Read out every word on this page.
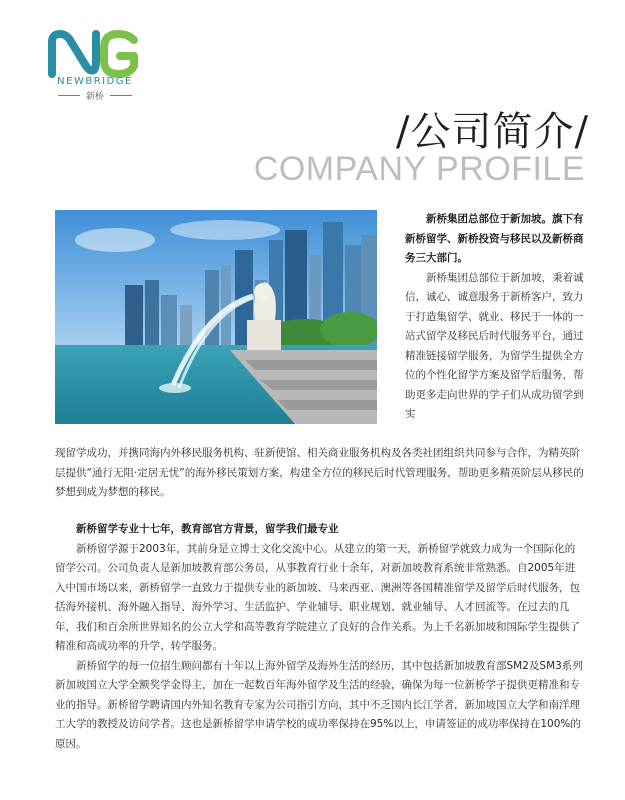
NEWBRIDGE
新桥
/公司简介/
COMPANY PROFILE

新桥集团总部位于新加坡。旗下有新桥留学、新桥投资与移民以及新桥商务三大部门。

新桥集团总部位于新加坡，秉着诚信，诚心，诚意服务于新桥客户，致力于打造集留学、就业、移民于一体的一站式留学及移民后时代服务平台，通过精准链接留学服务，为留学生提供全方位的个性化留学方案及留学后服务，帮助更多走向世界的学子们从成功留学到实

现留学成功，并携同海内外移民服务机构、驻新使馆、相关商业服务机构及各类社团组织共同参与合作，为精英阶层提供“通行无阻·定居无忧”的海外移民策划方案，构建全方位的移民后时代管理服务，帮助更多精英阶层从移民的梦想到成为梦想的移民。

新桥留学专业十七年，教育部官方背景，留学我们最专业

新桥留学源于2003年，其前身是立博士文化交流中心。从建立的第一天，新桥留学就致力成为一个国际化的留学公司。公司负责人是新加坡教育部公务员，从事教育行业十余年，对新加坡教育系统非常熟悉。自2005年进入中国市场以来，新桥留学一直致力于提供专业的新加坡、马来西亚、澳洲等各国精准留学及留学后时代服务，包括海外接机、海外融入指导、海外学习、生活监护、学业辅导、职业规划、就业辅导、人才回流等。在过去的几年，我们和百余所世界知名的公立大学和高等教育学院建立了良好的合作关系。为上千名新加坡和国际学生提供了精准和高成功率的升学、转学服务。

新桥留学的每一位招生顾问都有十年以上海外留学及海外生活的经历，其中包括新加坡教育部SM2及SM3系列新加坡国立大学全额奖学金得主，加在一起数百年海外留学及生活的经验，确保为每一位新桥学子提供更精准和专业的指导。新桥留学聘请国内外知名教育专家为公司指引方向，其中不乏国内长江学者，新加坡国立大学和南洋理工大学的教授及访问学者。这也是新桥留学申请学校的成功率保持在95%以上，申请签证的成功率保持在100%的原因。
